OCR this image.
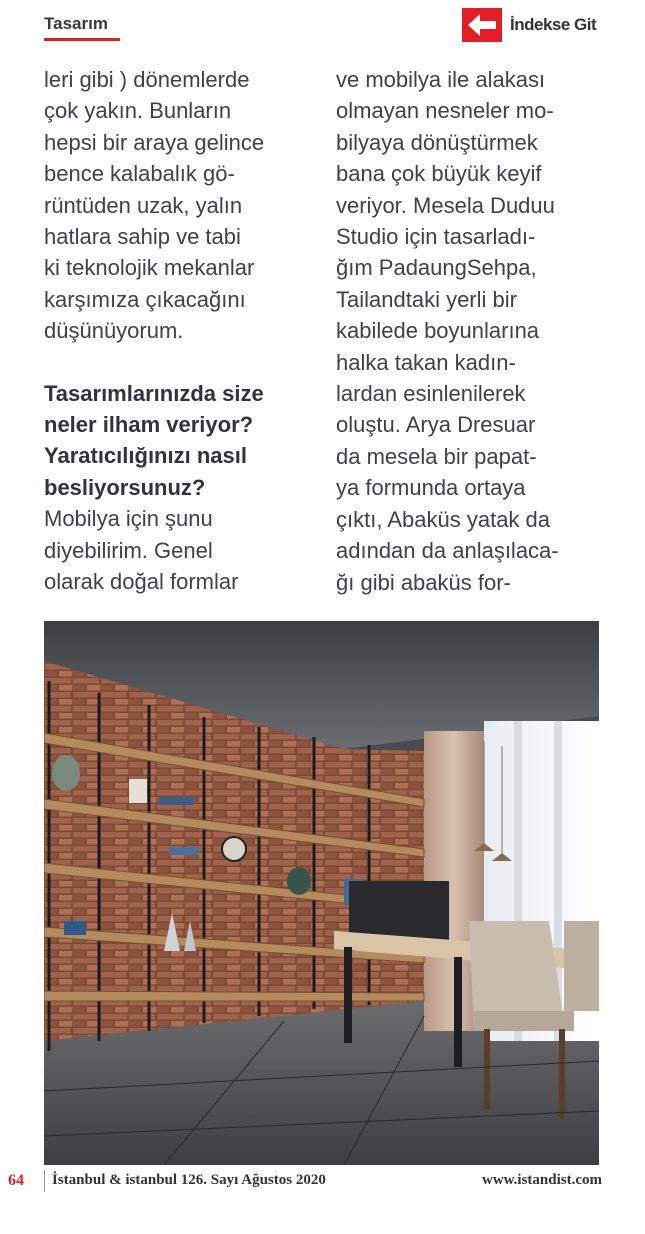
Tasarım	İndekse Git

leri gibi ) dönemlerde

çok yakın. Bunların

hepsi bir araya gelince

bence kalabalık gö-

rüntüden uzak, yalın

hatlara sahip ve tabi

ki teknolojik mekanlar

karşımıza çıkacağını

düşünüyorum.

Tasarımlarınızda size

neler ilham veriyor?

Yaratıcılığınızı nasıl

besliyorsunuz?

Mobilya için şunu

diyebilirim. Genel

olarak doğal formlar

ve mobilya ile alakası

olmayan nesneler mo-

bilyaya dönüştürmek

bana çok büyük keyif

veriyor. Mesela Duduu

Studio için tasarladı-

ğım PadaungSehpa,

Tailandtaki yerli bir

kabilede boyunlarına

halka takan kadın-

lardan esinlenilerek

oluştu. Arya Dresuar

da mesela bir papat-

ya formunda ortaya

çıktı, Abaküs yatak da

adından da anlaşılaca-

ğı gibi abaküs for-

64 İstanbul & istanbul 126. Sayı Ağustos 2020	www.istandist.com
